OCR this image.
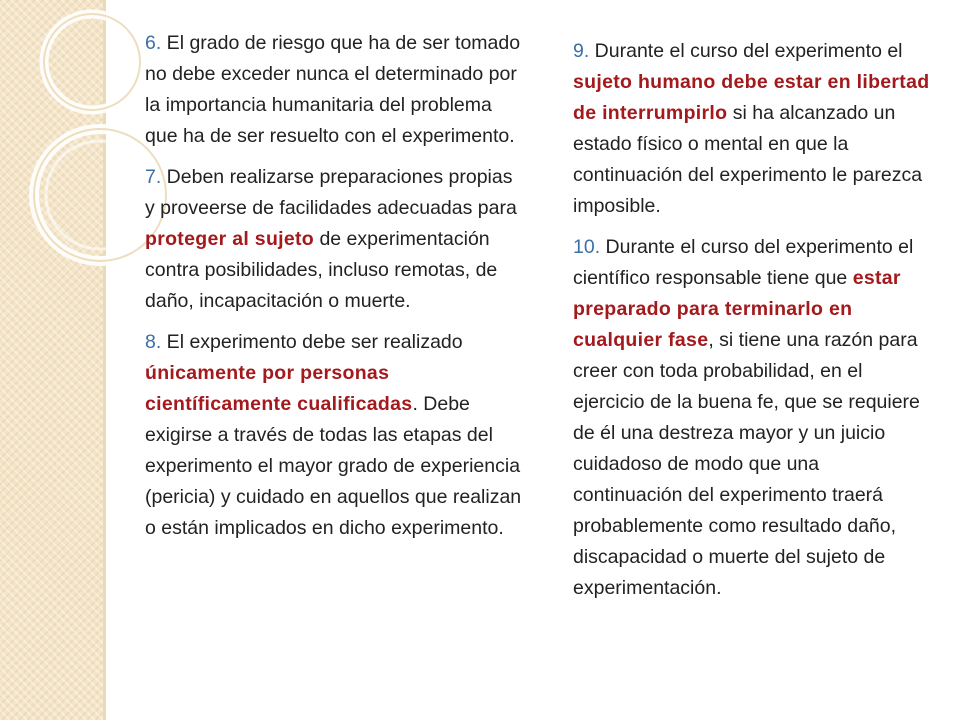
6. El grado de riesgo que ha de ser tomado no debe exceder nunca el determinado por la importancia humanitaria del problema que ha de ser resuelto con el experimento.

7. Deben realizarse preparaciones propias y proveerse de facilidades adecuadas para proteger al sujeto de experimentación contra posibilidades, incluso remotas, de daño, incapacitación o muerte.

8. El experimento debe ser realizado únicamente por personas científicamente cualificadas. Debe exigirse a través de todas las etapas del experimento el mayor grado de experiencia (pericia) y cuidado en aquellos que realizan o están implicados en dicho experimento.

9. Durante el curso del experimento el sujeto humano debe estar en libertad de interrumpirlo si ha alcanzado un estado físico o mental en que la continuación del experimento le parezca imposible.

10. Durante el curso del experimento el científico responsable tiene que estar preparado para terminarlo en cualquier fase, si tiene una razón para creer con toda probabilidad, en el ejercicio de la buena fe, que se requiere de él una destreza mayor y un juicio cuidadoso de modo que una continuación del experimento traerá probablemente como resultado daño, discapacidad o muerte del sujeto de experimentación.
